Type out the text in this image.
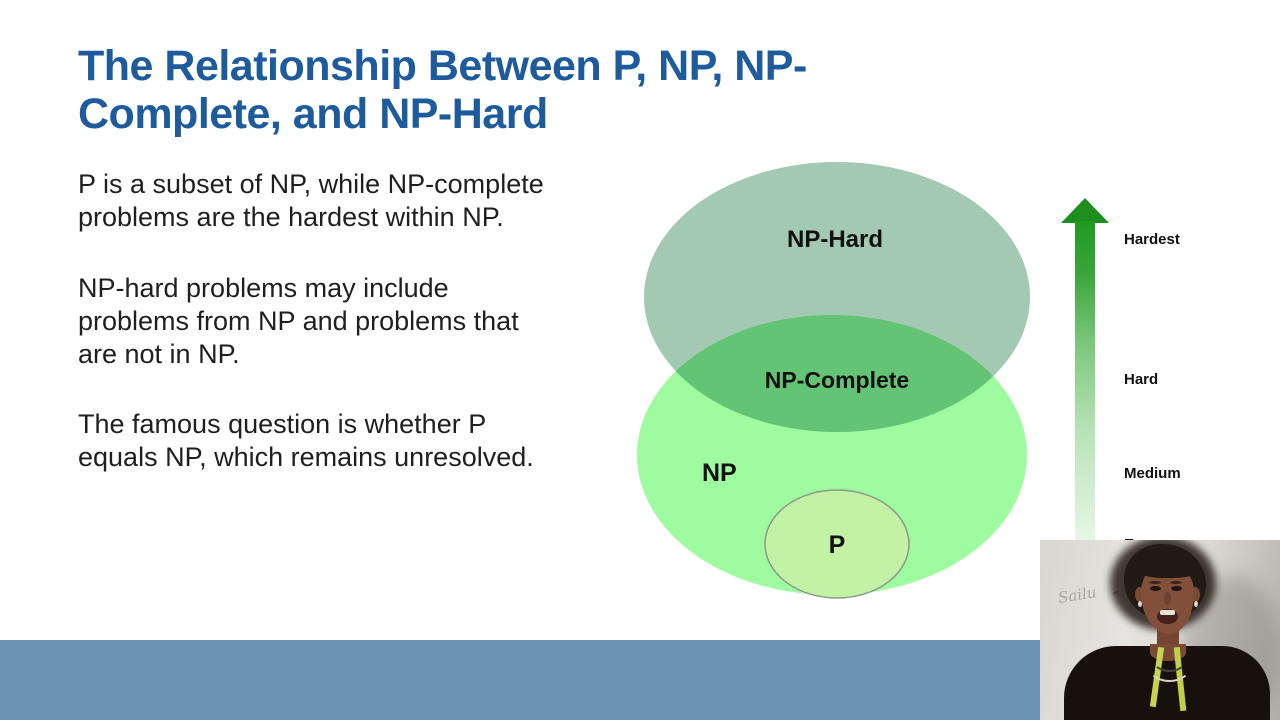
The Relationship Between P, NP, NP-
Complete, and NP-Hard
P is a subset of NP, while NP-complete
problems are the hardest within NP.
NP-hard problems may include
problems from NP and problems that
are not in NP.
The famous question is whether P
equals NP, which remains unresolved.
NP-Hard
NP-Complete
NP
P
Hardest
Hard
Medium
Sailu
